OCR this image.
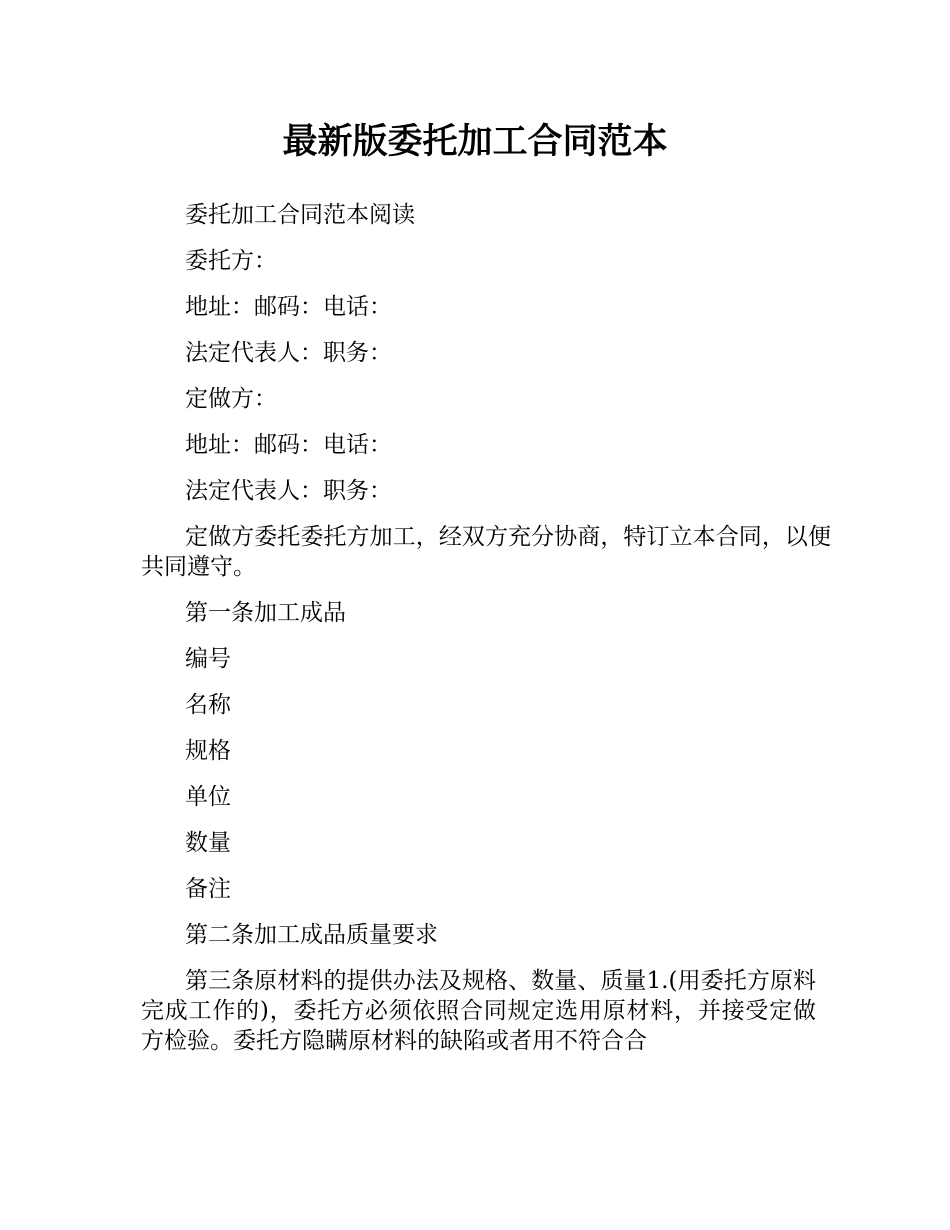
最新版委托加工合同范本

委托加工合同范本阅读

委托方：

地址：邮码：电话：

法定代表人：职务：

定做方：

地址：邮码：电话：

法定代表人：职务：

定做方委托委托方加工，经双方充分协商，特订立本合同，以便共同遵守。

第一条加工成品

编号

名称

规格

单位

数量

备注

第二条加工成品质量要求

第三条原材料的提供办法及规格、数量、质量1.(用委托方原料完成工作的)，委托方必须依照合同规定选用原材料，并接受定做方检验。委托方隐瞒原材料的缺陷或者用不符合合
